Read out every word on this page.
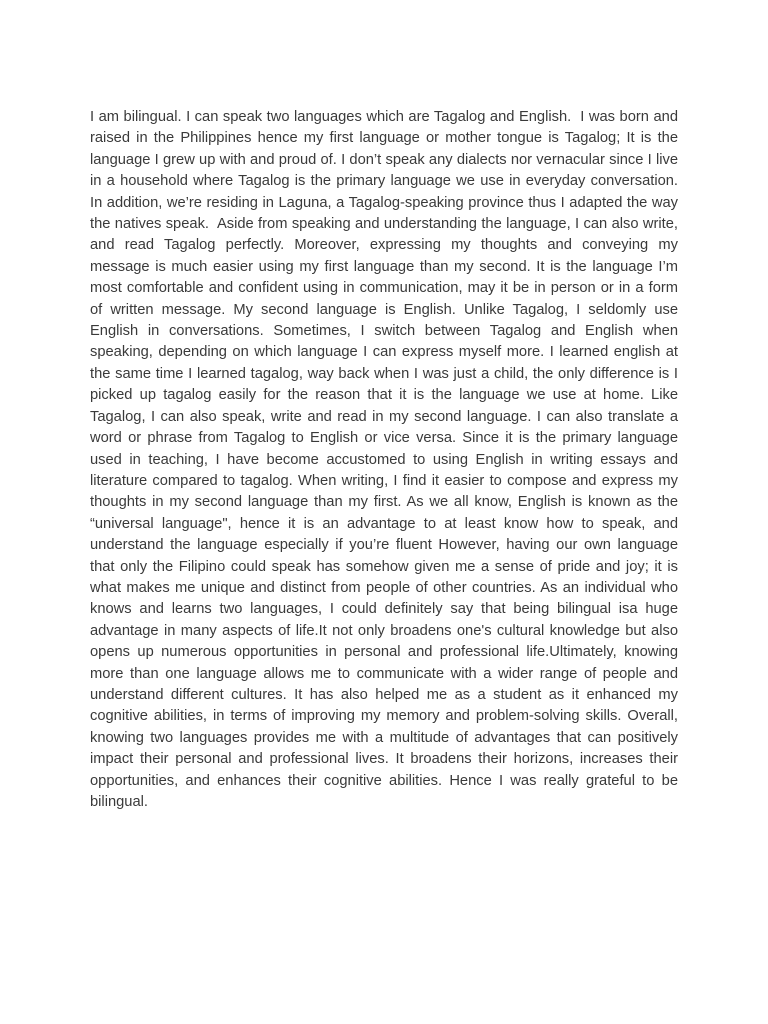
I am bilingual. I can speak two languages which are Tagalog and English.  I was born and raised in the Philippines hence my first language or mother tongue is Tagalog; It is the language I grew up with and proud of. I don’t speak any dialects nor vernacular since I live in a household where Tagalog is the primary language we use in everyday conversation. In addition, we’re residing in Laguna, a Tagalog-speaking province thus I adapted the way the natives speak.  Aside from speaking and understanding the language, I can also write, and read Tagalog perfectly. Moreover, expressing my thoughts and conveying my message is much easier using my first language than my second. It is the language I’m most comfortable and confident using in communication, may it be in person or in a form of written message. My second language is English. Unlike Tagalog, I seldomly use English in conversations. Sometimes, I switch between Tagalog and English when speaking, depending on which language I can express myself more. I learned english at the same time I learned tagalog, way back when I was just a child, the only difference is I picked up tagalog easily for the reason that it is the language we use at home. Like Tagalog, I can also speak, write and read in my second language. I can also translate a word or phrase from Tagalog to English or vice versa. Since it is the primary language used in teaching, I have become accustomed to using English in writing essays and literature compared to tagalog. When writing, I find it easier to compose and express my thoughts in my second language than my first. As we all know, English is known as the “universal language", hence it is an advantage to at least know how to speak, and understand the language especially if you’re fluent However, having our own language that only the Filipino could speak has somehow given me a sense of pride and joy; it is what makes me unique and distinct from people of other countries. As an individual who knows and learns two languages, I could definitely say that being bilingual isa huge advantage in many aspects of life.It not only broadens one's cultural knowledge but also opens up numerous opportunities in personal and professional life.Ultimately, knowing more than one language allows me to communicate with a wider range of people and understand different cultures. It has also helped me as a student as it enhanced my cognitive abilities, in terms of improving my memory and problem-solving skills. Overall, knowing two languages provides me with a multitude of advantages that can positively impact their personal and professional lives. It broadens their horizons, increases their opportunities, and enhances their cognitive abilities. Hence I was really grateful to be bilingual.
